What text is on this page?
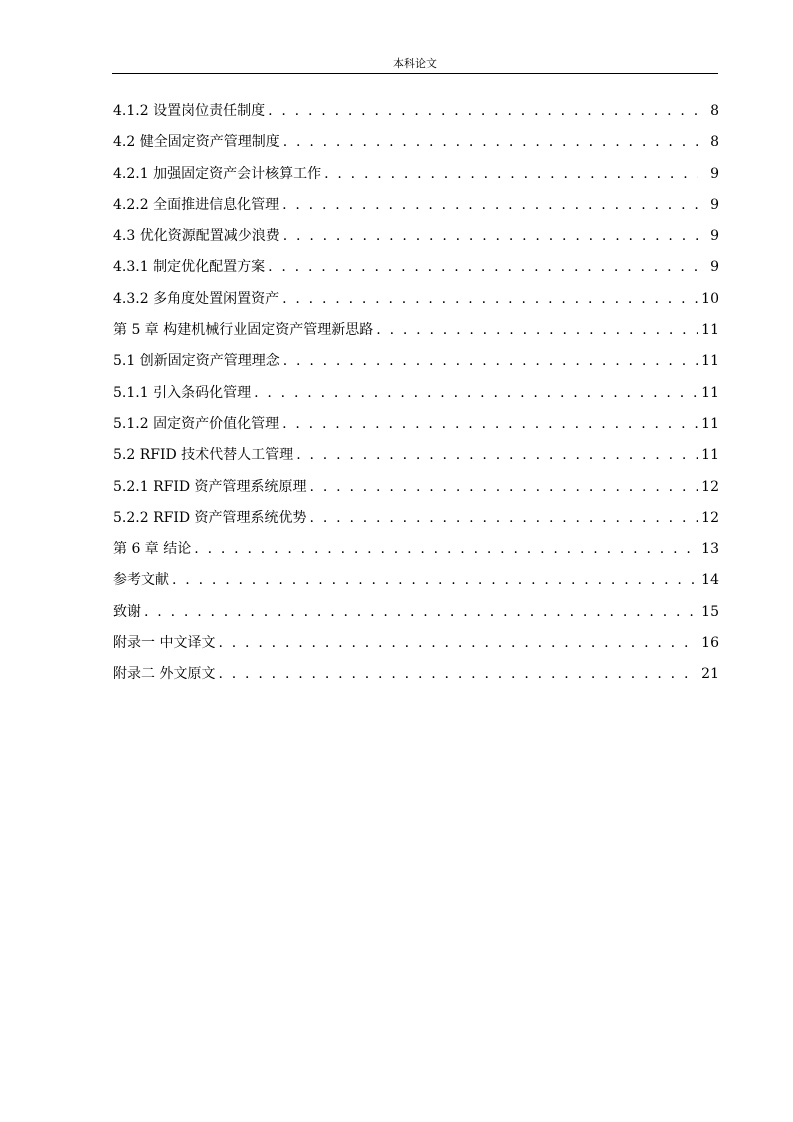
本科论文
4.1.2 设置岗位责任制度 . . .	8
4.2 健全固定资产管理制度 . . .	8
4.2.1 加强固定资产会计核算工作 . . .	9
4.2.2 全面推进信息化管理 . . .	9
4.3 优化资源配置减少浪费 . . .	9
4.3.1 制定优化配置方案 . . .	9
4.3.2 多角度处置闲置资产 . . .	10
第 5 章 构建机械行业固定资产管理新思路 . . .	11
5.1 创新固定资产管理理念 . . .	11
5.1.1 引入条码化管理 . . .	11
5.1.2 固定资产价值化管理 . . .	11
5.2 RFID 技术代替人工管理 . . .	11
5.2.1 RFID 资产管理系统原理 . . .	12
5.2.2 RFID 资产管理系统优势 . . .	12
第 6 章 结论 . . .	13
参考文献 . . .	14
致谢 . . .	15
附录一 中文译文 . . .	16
附录二 外文原文 . . .	21
